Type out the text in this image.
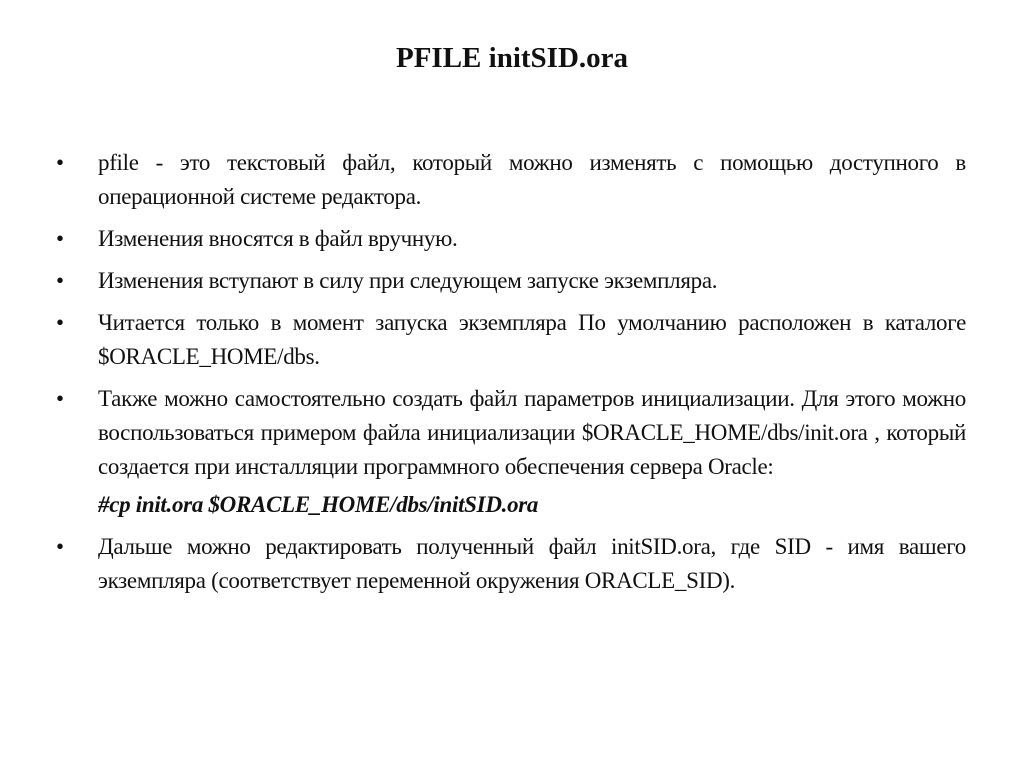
PFILE initSID.ora
•	pfile - это текстовый файл, который можно изменять с помощью доступного в операционной системе редактора.
•	Изменения вносятся в файл вручную.
•	Изменения вступают в силу при следующем запуске экземпляра.
•	Читается только в момент запуска экземпляра По умолчанию расположен в каталоге $ORACLE_HOME/dbs.
•	Также можно самостоятельно создать файл параметров инициализации. Для этого можно воспользоваться примером файла инициализации $ORACLE_HOME/dbs/init.ora , который создается при инсталляции программного обеспечения сервера Oracle:
#cp init.ora $ORACLE_HOME/dbs/initSID.ora
•	Дальше можно редактировать полученный файл initSID.ora, где SID - имя вашего экземпляра (соответствует переменной окружения ORACLE_SID).
